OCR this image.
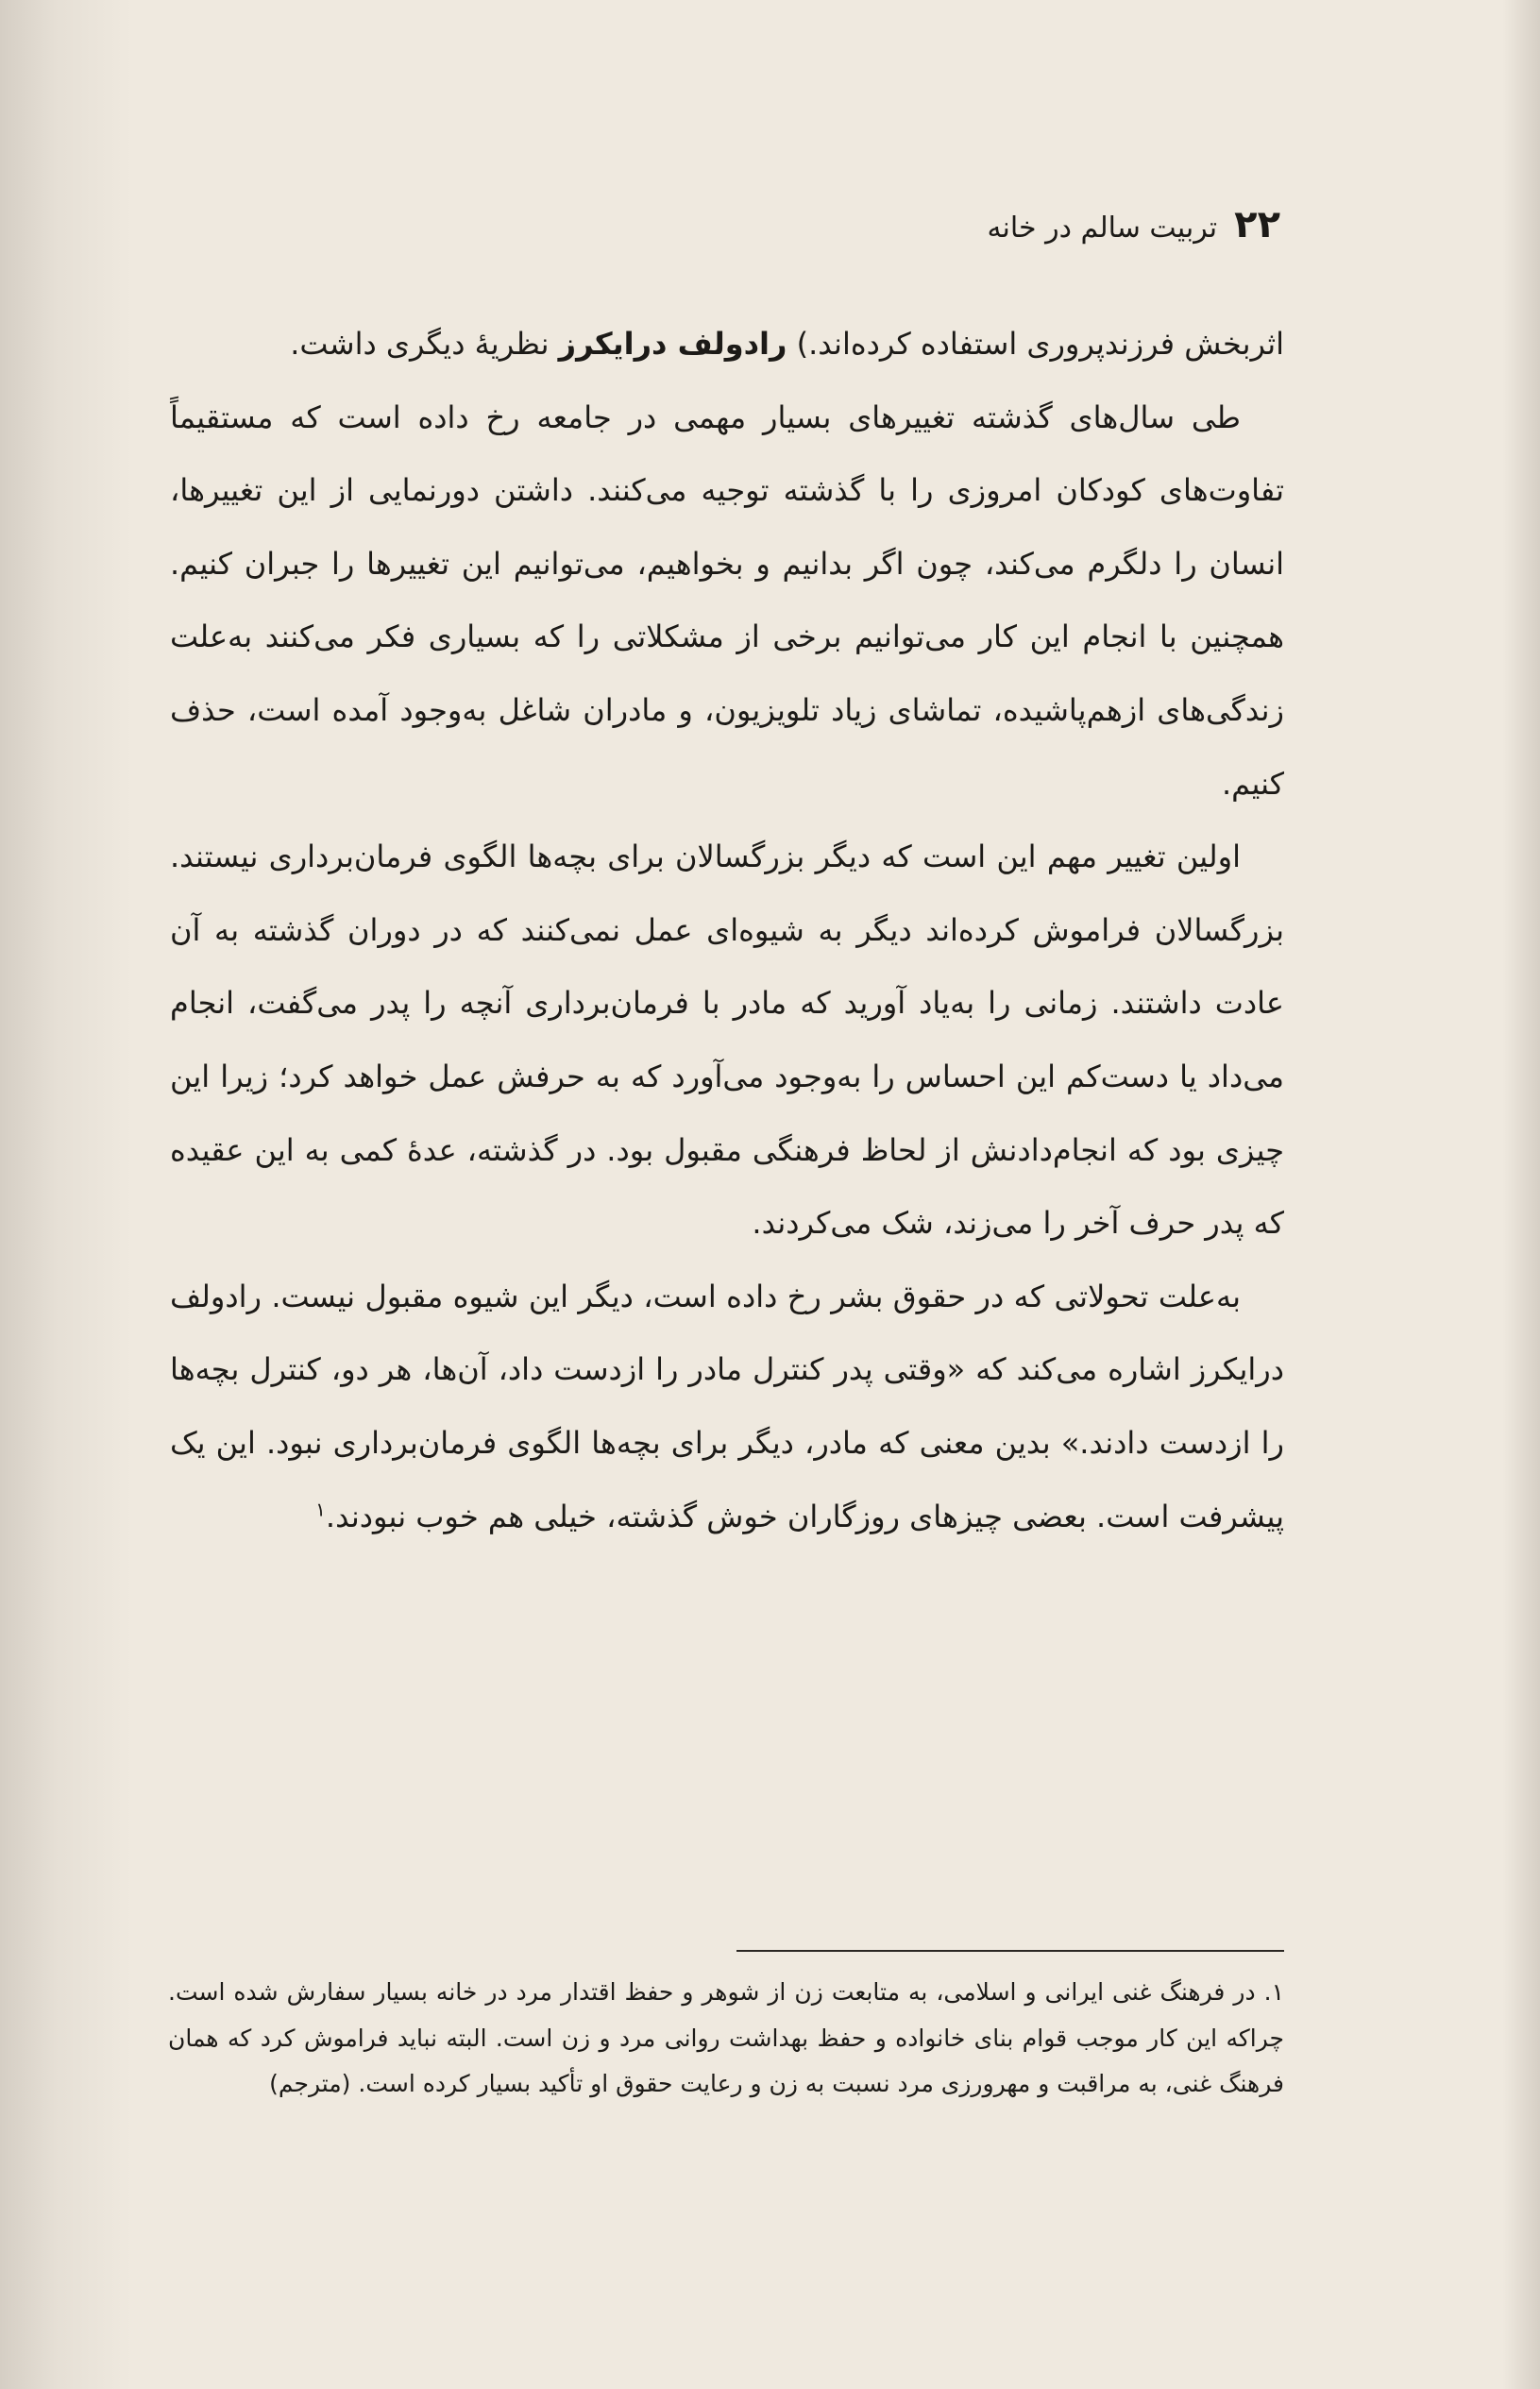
۲۲
تربیت سالم در خانه

اثربخش فرزندپروری استفاده کرده‌اند.) رادولف درایکرز نظریهٔ دیگری داشت.

طی سال‌های گذشته تغییرهای بسیار مهمی در جامعه رخ داده است که مستقیماً تفاوت‌های کودکان امروزی را با گذشته توجیه می‌کنند. داشتن دورنمایی از این تغییرها، انسان را دلگرم می‌کند، چون اگر بدانیم و بخواهیم، می‌توانیم این تغییرها را جبران کنیم. همچنین با انجام این کار می‌توانیم برخی از مشکلاتی را که بسیاری فکر می‌کنند به‌علت زندگی‌های ازهم‌پاشیده، تماشای زیاد تلویزیون، و مادران شاغل به‌وجود آمده است، حذف کنیم.

اولین تغییر مهم این است که دیگر بزرگسالان برای بچه‌ها الگوی فرمان‌برداری نیستند. بزرگسالان فراموش کرده‌اند دیگر به شیوه‌ای عمل نمی‌کنند که در دوران گذشته به آن عادت داشتند. زمانی را به‌یاد آورید که مادر با فرمان‌برداری آنچه را پدر می‌گفت، انجام می‌داد یا دست‌کم این احساس را به‌وجود می‌آورد که به حرفش عمل خواهد کرد؛ زیرا این چیزی بود که انجام‌دادنش از لحاظ فرهنگی مقبول بود. در گذشته، عدهٔ کمی به این عقیده که پدر حرف آخر را می‌زند، شک می‌کردند.

به‌علت تحولاتی که در حقوق بشر رخ داده است، دیگر این شیوه مقبول نیست. رادولف درایکرز اشاره می‌کند که «وقتی پدر کنترل مادر را ازدست داد، آن‌ها، هر دو، کنترل بچه‌ها را ازدست دادند.» بدین معنی که مادر، دیگر برای بچه‌ها الگوی فرمان‌برداری نبود. این یک پیشرفت است. بعضی چیزهای روزگاران خوش گذشته، خیلی هم خوب نبودند.$^۱$

۱. در فرهنگ غنی ایرانی و اسلامی، به متابعت زن از شوهر و حفظ اقتدار مرد در خانه بسیار سفارش شده است. چراکه این کار موجب قوام بنای خانواده و حفظ بهداشت روانی مرد و زن است. البته نباید فراموش کرد که همان فرهنگ غنی، به مراقبت و مهرورزی مرد نسبت به زن و رعایت حقوق او تأکید بسیار کرده است. (مترجم)
